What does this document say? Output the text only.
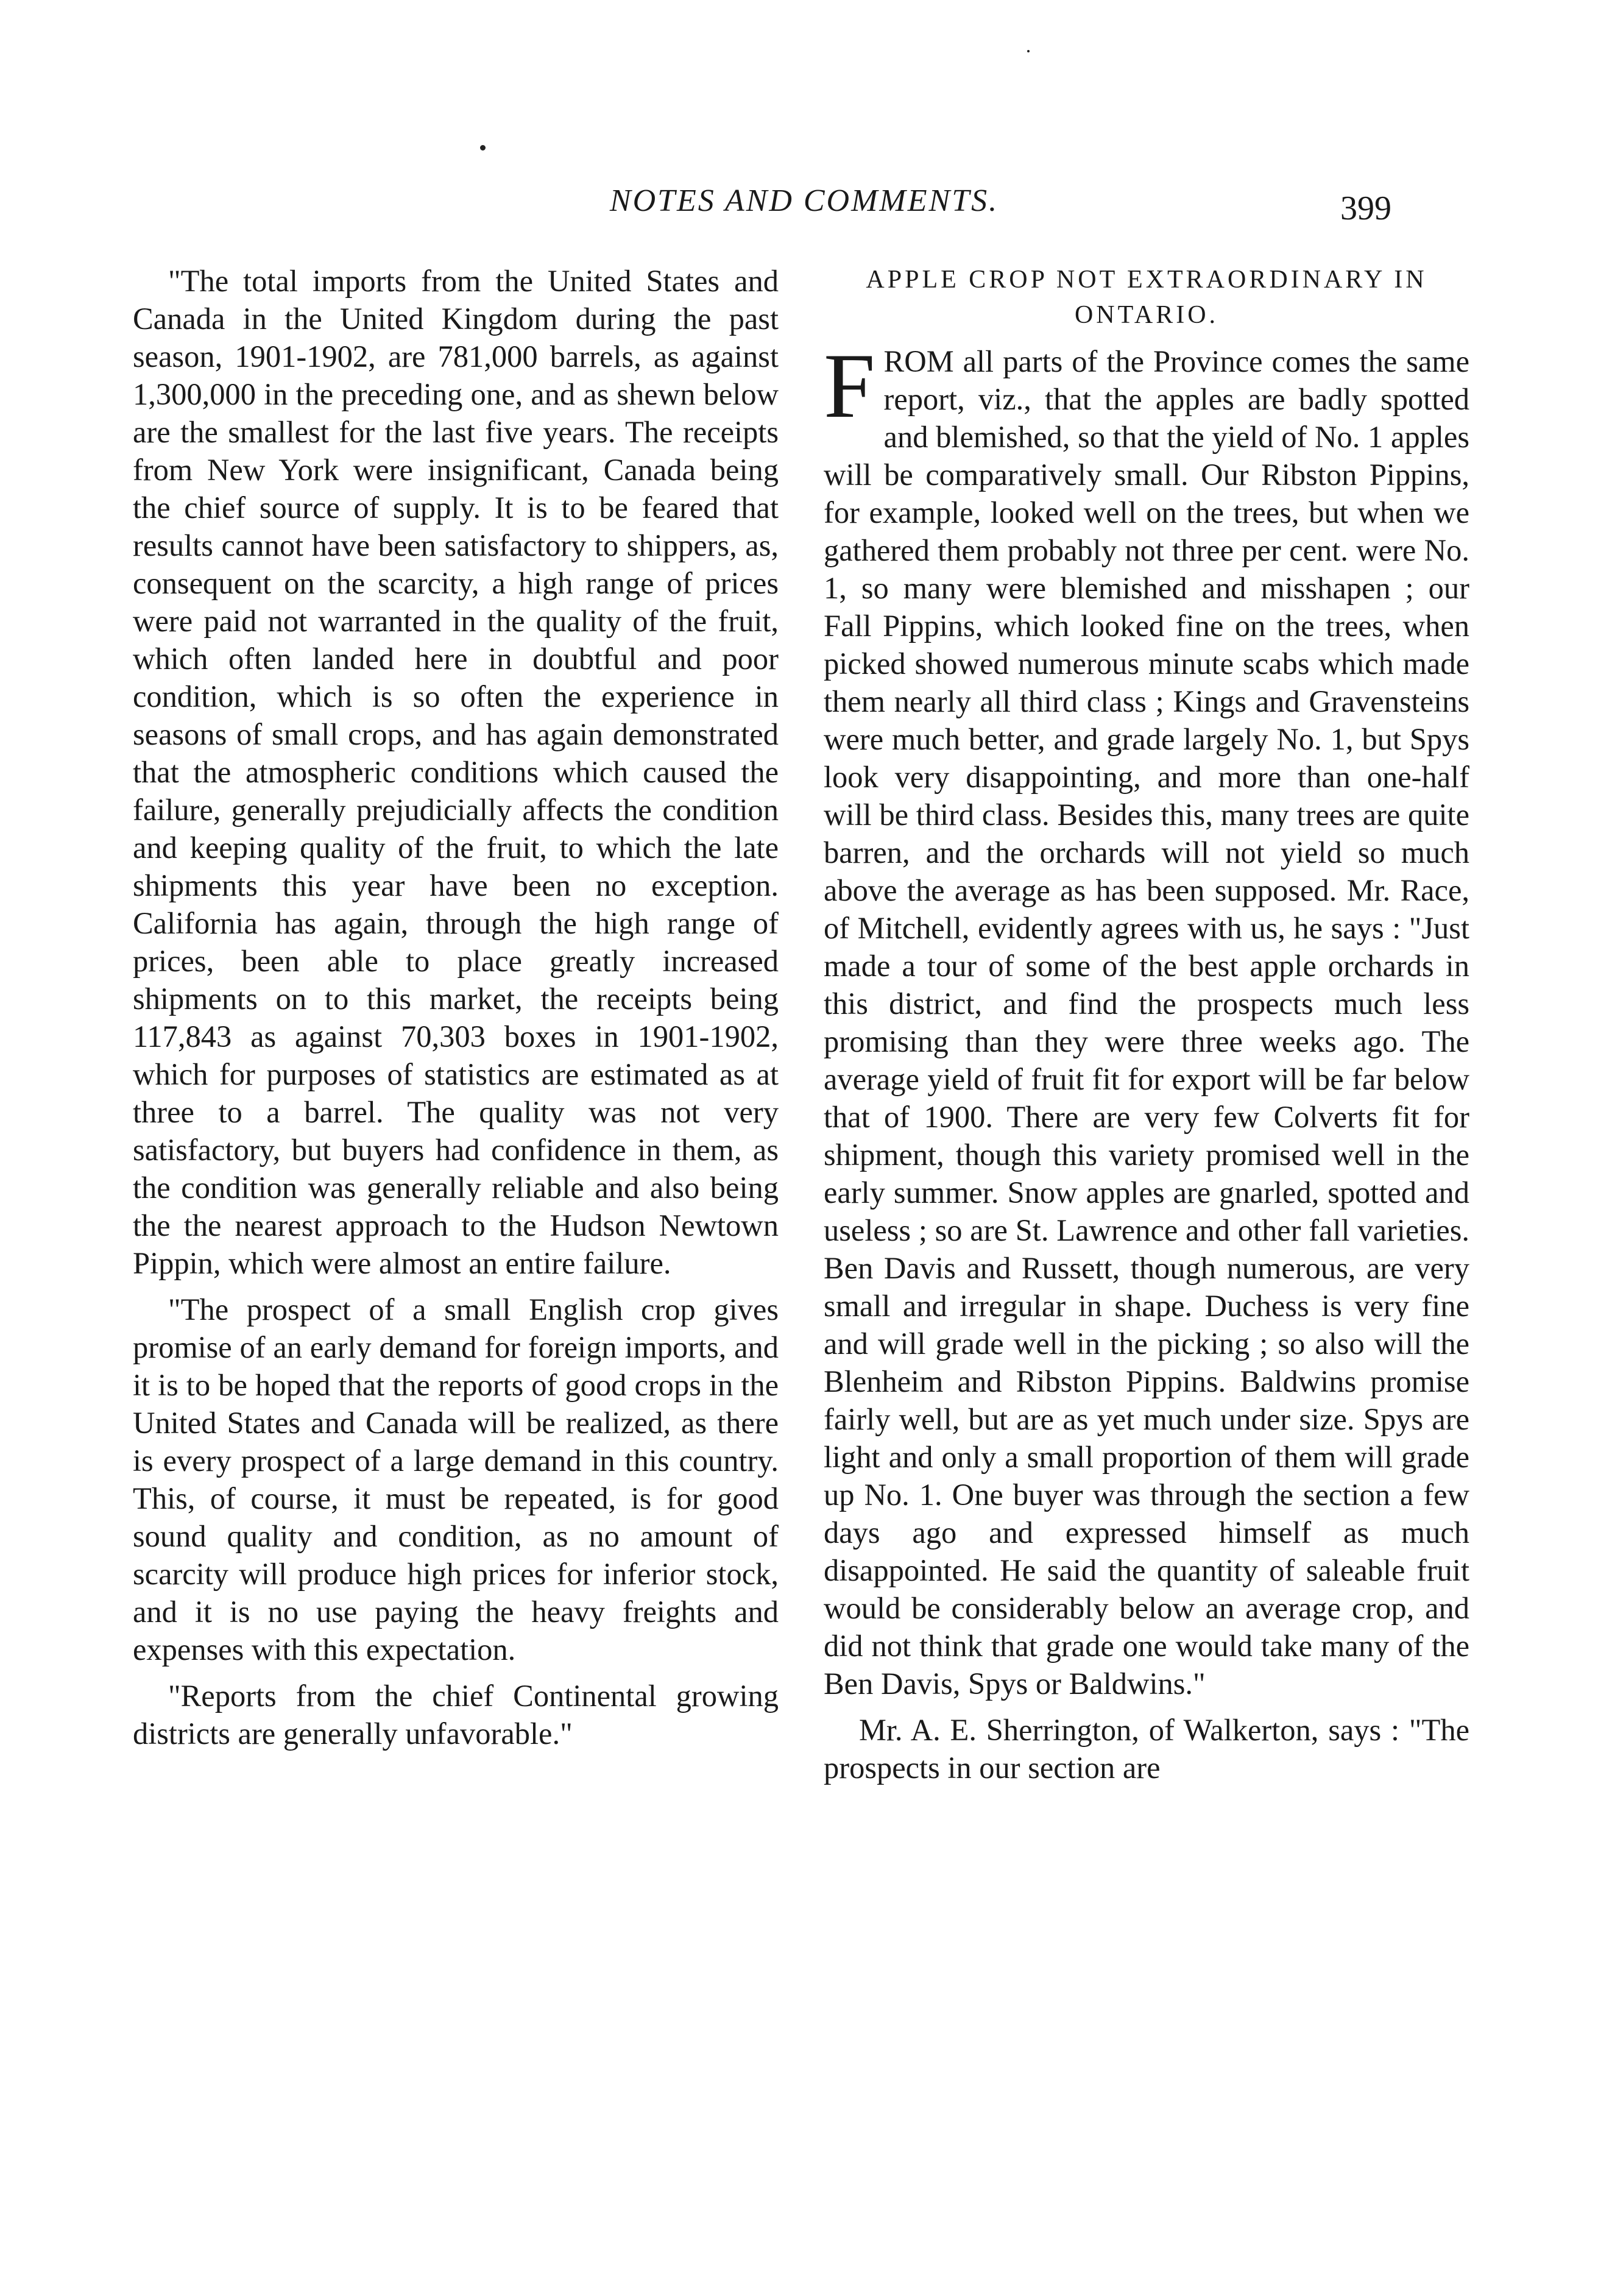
NOTES AND COMMENTS.	399

"The total imports from the United States and Canada in the United Kingdom during the past season, 1901-1902, are 781,000 barrels, as against 1,300,000 in the preceding one, and as shewn below are the smallest for the last five years. The receipts from New York were insignificant, Canada being the chief source of supply. It is to be feared that results cannot have been satisfactory to shippers, as, consequent on the scarcity, a high range of prices were paid not warranted in the quality of the fruit, which often landed here in doubtful and poor condition, which is so often the experience in seasons of small crops, and has again demonstrated that the atmospheric conditions which caused the failure, generally prejudicially affects the condition and keeping quality of the fruit, to which the late shipments this year have been no exception. California has again, through the high range of prices, been able to place greatly increased shipments on to this market, the receipts being 117,843 as against 70,303 boxes in 1901-1902, which for purposes of statistics are estimated as at three to a barrel. The quality was not very satisfactory, but buyers had confidence in them, as the condition was generally reliable and also being the the nearest approach to the Hudson Newtown Pippin, which were almost an entire failure.

"The prospect of a small English crop gives promise of an early demand for foreign imports, and it is to be hoped that the reports of good crops in the United States and Canada will be realized, as there is every prospect of a large demand in this country. This, of course, it must be repeated, is for good sound quality and condition, as no amount of scarcity will produce high prices for inferior stock, and it is no use paying the heavy freights and expenses with this expectation.

"Reports from the chief Continental growing districts are generally unfavorable."

APPLE CROP NOT EXTRAORDINARY IN ONTARIO.

FROM all parts of the Province comes the same report, viz., that the apples are badly spotted and blemished, so that the yield of No. 1 apples will be comparatively small. Our Ribston Pippins, for example, looked well on the trees, but when we gathered them probably not three per cent. were No. 1, so many were blemished and misshapen ; our Fall Pippins, which looked fine on the trees, when picked showed numerous minute scabs which made them nearly all third class ; Kings and Gravensteins were much better, and grade largely No. 1, but Spys look very disappointing, and more than one-half will be third class. Besides this, many trees are quite barren, and the orchards will not yield so much above the average as has been supposed. Mr. Race, of Mitchell, evidently agrees with us, he says : "Just made a tour of some of the best apple orchards in this district, and find the prospects much less promising than they were three weeks ago. The average yield of fruit fit for export will be far below that of 1900. There are very few Colverts fit for shipment, though this variety promised well in the early summer. Snow apples are gnarled, spotted and useless ; so are St. Lawrence and other fall varieties. Ben Davis and Russett, though numerous, are very small and irregular in shape. Duchess is very fine and will grade well in the picking ; so also will the Blenheim and Ribston Pippins. Baldwins promise fairly well, but are as yet much under size. Spys are light and only a small proportion of them will grade up No. 1. One buyer was through the section a few days ago and expressed himself as much disappointed. He said the quantity of saleable fruit would be considerably below an average crop, and did not think that grade one would take many of the Ben Davis, Spys or Baldwins."

Mr. A. E. Sherrington, of Walkerton, says : "The prospects in our section are
